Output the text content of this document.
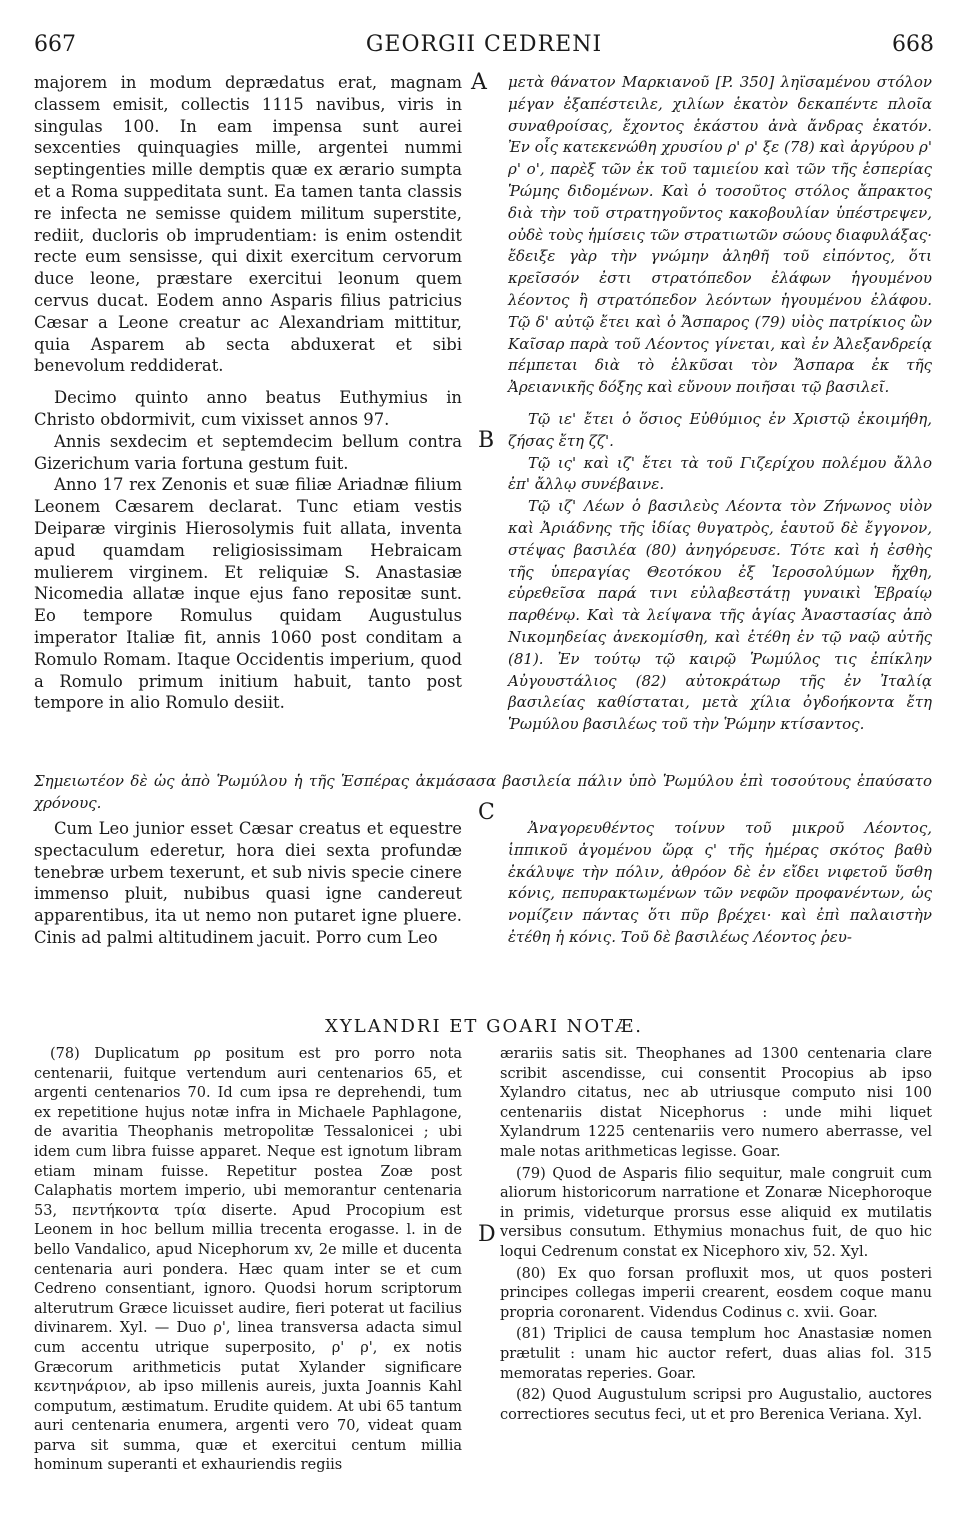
667	GEORGII CEDRENI	668

majorem in modum deprædatus erat, magnam classem emisit, collectis 1115 navibus, viris in singulas 100. In eam impensa sunt aurei sexcenties quinquagies mille, argentei nummi septingenties mille demptis quæ ex ærario sumpta et a Roma suppeditata sunt. Ea tamen tanta classis re infecta ne semisse quidem militum superstite, rediit, ducloris ob imprudentiam: is enim ostendit recte eum sensisse, qui dixit exercitum cervorum duce leone, præstare exercitui leonum quem cervus ducat. Eodem anno Asparis filius patricius Cæsar a Leone creatur ac Alexandriam mittitur, quia Asparem ab secta abduxerat et sibi benevolum reddiderat.

Decimo quinto anno beatus Euthymius in Christo obdormivit, cum vixisset annos 97.

Annis sexdecim et septemdecim bellum contra Gizerichum varia fortuna gestum fuit.

Anno 17 rex Zenonis et suæ filiæ Ariadnæ filium Leonem Cæsarem declarat. Tunc etiam vestis Deiparæ virginis Hierosolymis fuit allata, inventa apud quamdam religiosissimam Hebraicam mulierem virginem. Et reliquiæ S. Anastasiæ Nicomedia allatæ inque ejus fano repositæ sunt. Eo tempore Romulus quidam Augustulus imperator Italiæ fit, annis 1060 post conditam a Romulo Romam. Itaque Occidentis imperium, quod a Romulo primum initium habuit, tanto post tempore in alio Romulo desiit.

μετὰ θάνατον Μαρκιανοῦ [P. 350] ληϊσαμένου στόλον μέγαν ἐξαπέστειλε, χιλίων ἑκατὸν δεκαπέντε πλοῖα συναθροίσας, ἔχοντος ἑκάστου ἀνὰ ἄνδρας ἑκατόν. Ἐν οἷς κατεκενώθη χρυσίου ρ' ρ' ξε (78) καὶ ἀργύρου ρ' ρ' ο', παρὲξ τῶν ἐκ τοῦ ταμιείου καὶ τῶν τῆς ἑσπερίας Ῥώμης διδομένων. Καὶ ὁ τοσοῦτος στόλος ἄπρακτος διὰ τὴν τοῦ στρατηγοῦντος κακοβουλίαν ὑπέστρεψεν, οὐδὲ τοὺς ἡμίσεις τῶν στρατιωτῶν σώους διαφυλάξας· ἔδειξε γὰρ τὴν γνώμην ἀληθῆ τοῦ εἰπόντος, ὅτι κρεῖσσόν ἐστι στρατόπεδον ἐλάφων ἡγουμένου λέοντος ἢ στρατόπεδον λεόντων ἡγουμένου ἐλάφου. Τῷ δ' αὐτῷ ἔτει καὶ ὁ Ἄσπαρος (79) υἱὸς πατρίκιος ὢν Καῖσαρ παρὰ τοῦ Λέοντος γίνεται, καὶ ἐν Ἀλεξανδρείᾳ πέμπεται διὰ τὸ ἑλκῦσαι τὸν Ἄσπαρα ἐκ τῆς Ἀρειανικῆς δόξης καὶ εὔνουν ποιῆσαι τῷ βασιλεῖ.

Τῷ ιε' ἔτει ὁ ὅσιος Εὐθύμιος ἐν Χριστῷ ἐκοιμήθη, ζήσας ἔτη ζζ'.

Τῷ ις' καὶ ιζ' ἔτει τὰ τοῦ Γιζερίχου πολέμου ἄλλο ἐπ' ἄλλῳ συνέβαινε.

Τῷ ιζ' Λέων ὁ βασιλεὺς Λέοντα τὸν Ζήνωνος υἱὸν καὶ Ἀριάδνης τῆς ἰδίας θυγατρὸς, ἑαυτοῦ δὲ ἔγγονον, στέψας βασιλέα (80) ἀνηγόρευσε. Τότε καὶ ἡ ἐσθὴς τῆς ὑπεραγίας Θεοτόκου ἐξ Ἱεροσολύμων ἤχθη, εὑρεθεῖσα παρά τινι εὐλαβεστάτῃ γυναικὶ Ἑβραίῳ παρθένῳ. Καὶ τὰ λείψανα τῆς ἁγίας Ἀναστασίας ἀπὸ Νικομηδείας ἀνεκομίσθη, καὶ ἐτέθη ἐν τῷ ναῷ αὐτῆς (81). Ἐν τούτῳ τῷ καιρῷ Ῥωμύλος τις ἐπίκλην Αὐγουστάλιος (82) αὐτοκράτωρ τῆς ἐν Ἰταλίᾳ βασιλείας καθίσταται, μετὰ χίλια ὀγδοήκοντα ἔτη Ῥωμύλου βασιλέως τοῦ τὴν Ῥώμην κτίσαντος.

A
B
C
D
Σημειωτέον δὲ ὡς ἀπὸ Ῥωμύλου ἡ τῆς Ἑσπέρας ἀκμάσασα βασιλεία πάλιν ὑπὸ Ῥωμύλου ἐπὶ τοσούτους ἐπαύσατο χρόνους.

Cum Leo junior esset Cæsar creatus et equestre spectaculum ederetur, hora diei sexta profundæ tenebræ urbem texerunt, et sub nivis specie cinere immenso pluit, nubibus quasi igne candereut apparentibus, ita ut nemo non putaret igne pluere. Cinis ad palmi altitudinem jacuit. Porro cum Leo

Ἀναγορευθέντος τοίνυν τοῦ μικροῦ Λέοντος, ἱππικοῦ ἀγομένου ὥρᾳ ς' τῆς ἡμέρας σκότος βαθὺ ἐκάλυψε τὴν πόλιν, ἀθρόον δὲ ἐν εἴδει νιφετοῦ ὕσθη κόνις, πεπυρακτωμένων τῶν νεφῶν προφανέντων, ὡς νομίζειν πάντας ὅτι πῦρ βρέχει· καὶ ἐπὶ παλαιστὴν ἐτέθη ἡ κόνις. Τοῦ δὲ βασιλέως Λέοντος ῥευ-

XYLANDRI ET GOARI NOTÆ.

(78) Duplicatum ρρ positum est pro porro nota centenarii, fuitque vertendum auri centenarios 65, et argenti centenarios 70. Id cum ipsa re deprehendi, tum ex repetitione hujus notæ infra in Michaele Paphlagone, de avaritia Theophanis metropolitæ Tessalonicei ; ubi idem cum libra fuisse apparet. Neque est ignotum libram etiam minam fuisse. Repetitur postea Zoæ post Calaphatis mortem imperio, ubi memorantur centenaria 53, πεντήκοντα τρία diserte. Apud Procopium est Leonem in hoc bellum millia trecenta erogasse. l. in de bello Vandalico, apud Nicephorum xv, 2e mille et ducenta centenaria auri pondera. Hæc quam inter se et cum Cedreno consentiant, ignoro. Quodsi horum scriptorum alterutrum Græce licuisset audire, fieri poterat ut facilius divinarem. Xyl. — Duo ρ', linea transversa adacta simul cum accentu utrique superposito, ρ' ρ', ex notis Græcorum arithmeticis putat Xylander significare κεντηνάριον, ab ipso millenis aureis, juxta Joannis Kahl computum, æstimatum. Erudite quidem. At ubi 65 tantum auri centenaria enumera, argenti vero 70, videat quam parva sit summa, quæ et exercitui centum millia hominum superanti et exhauriendis regiis

ærariis satis sit. Theophanes ad 1300 centenaria clare scribit ascendisse, cui consentit Procopius ab ipso Xylandro citatus, nec ab utriusque computo nisi 100 centenariis distat Nicephorus : unde mihi liquet Xylandrum 1225 centenariis vero numero aberrasse, vel male notas arithmeticas legisse. Goar.

(79) Quod de Asparis filio sequitur, male congruit cum aliorum historicorum narratione et Zonaræ Nicephoroque in primis, videturque prorsus esse aliquid ex mutilatis versibus consutum. Ethymius monachus fuit, de quo hic loqui Cedrenum constat ex Nicephoro xiv, 52. Xyl.

(80) Ex quo forsan profluxit mos, ut quos posteri principes collegas imperii crearent, eosdem coque manu propria coronarent. Videndus Codinus c. xvii. Goar.

(81) Triplici de causa templum hoc Anastasiæ nomen prætulit : unam hic auctor refert, duas alias fol. 315 memoratas reperies. Goar.

(82) Quod Augustulum scripsi pro Augustalio, auctores correctiores secutus feci, ut et pro Berenica Veriana. Xyl.
